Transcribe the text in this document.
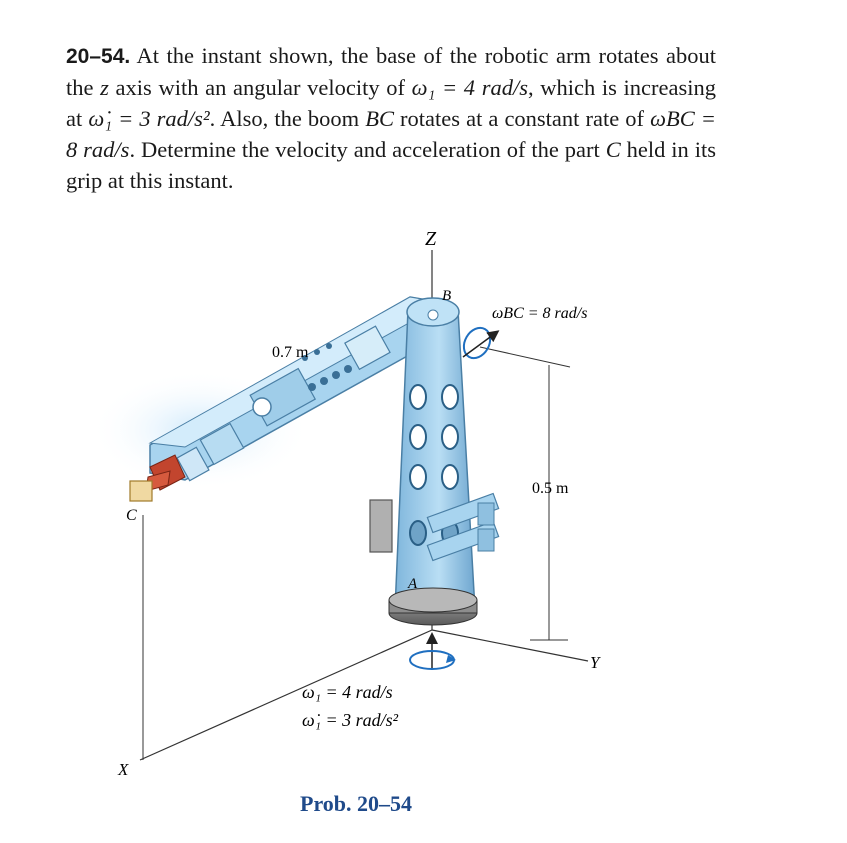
20–54. At the instant shown, the base of the robotic arm rotates about the z axis with an angular velocity of ω₁ = 4 rad/s, which is increasing at ω̇₁ = 3 rad/s². Also, the boom BC rotates at a constant rate of ωBC = 8 rad/s. Determine the velocity and acceleration of the part C held in its grip at this instant.

Z
Y
X
A
B
C
0.7 m
0.5 m
ωBC = 8 rad/s
ω₁ = 4 rad/s
ω̇₁ = 3 rad/s²
Prob. 20–54
